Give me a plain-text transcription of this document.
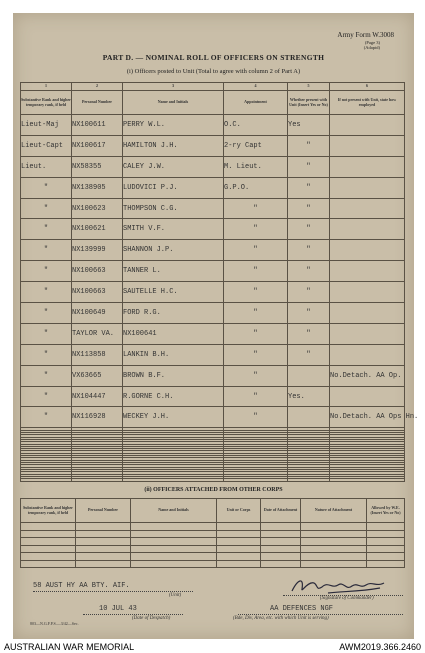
Army Form W.3008
(Page 3)
(Adaptd)
PART D. — NOMINAL ROLL OF OFFICERS ON STRENGTH
(i) Officers posted to Unit (Total to agree with column 2 of Part A)
1	2	3	4	5	6
Substantive Rank and higher temporary rank, if held	Personal Number	Name and Initials	Appointment	Whether present with Unit (Insert Yes or No)	If not present with Unit, state how employed
Lieut-Maj	NX100611	PERRY W.L.	O.C.	Yes	
Lieut-Capt	NX100617	HAMILTON J.H.	2-ry Capt	"	
Lieut.	NX58355	CALEY J.W.	M. Lieut.	"	
"	NX138905	LUDOVICI P.J.	G.P.O.	"	
"	NX100623	THOMPSON C.G.	"	"	
"	NX100621	SMITH V.F.	"	"	
"	NX139999	SHANNON J.P.	"	"	
"	NX100663	TANNER L.	"	"	
"	NX100663	SAUTELLE H.C.	"	"	
"	NX100649	FORD R.G.	"	"	
"	TAYLOR VA.	NX100641	"	"	
"	NX113858	LANKIN B.H.	"	"	
"	VX63665	BROWN B.F.	"		No.Detach. AA Op.
"	NX104447	R.GORNE C.H.	"	Yes.	
"	NX116928	WECKEY J.H.	"		No.Detach. AA Ops Hn.

(ii) OFFICERS ATTACHED FROM OTHER CORPS
Substantive Rank and higher temporary rank, if held	Personal Number	Name and Initials	Unit or Corps	Date of Attachment	Nature of Attachment	Allowed by W.E. (Insert Yes or No)

58 AUST HY AA BTY. AIF.
(Unit)
(Signature of Commander)
10 JUL 43
(Date of Despatch)
AA DEFENCES NGF
(Bde, Div, Area, etc. with which Unit is serving)
803—N.G.F.P.S.—3/42—Sec.
AUSTRALIAN WAR MEMORIAL	AWM2019.366.2460
